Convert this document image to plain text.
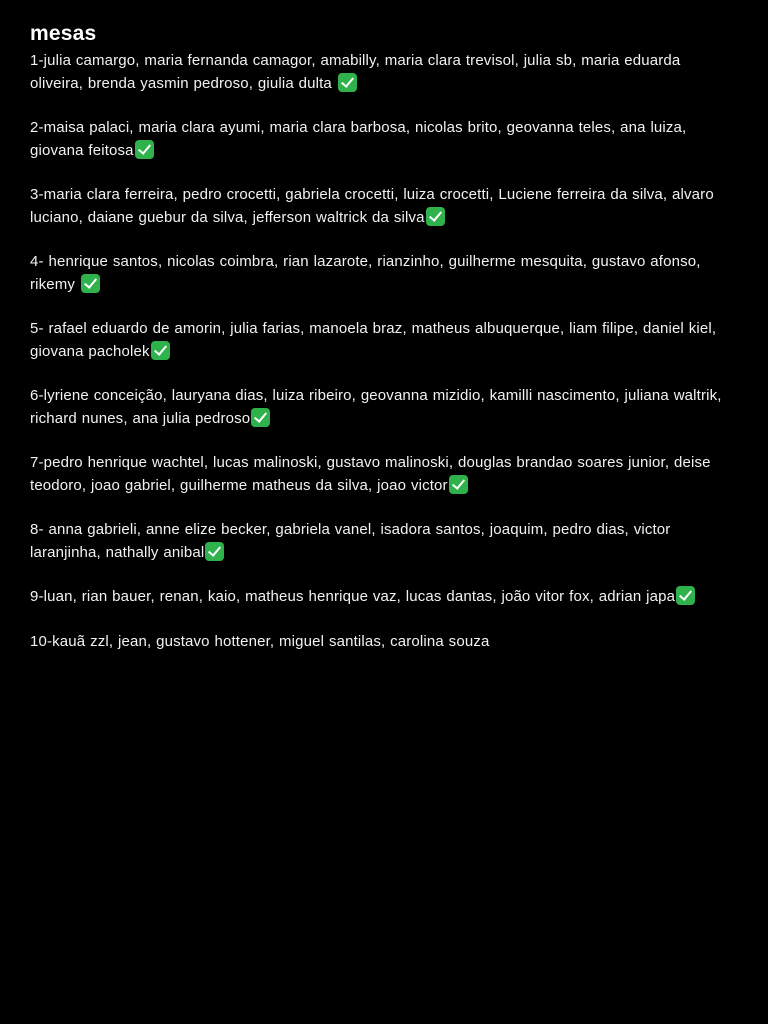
mesas
1-julia camargo, maria fernanda camagor, amabilly, maria clara trevisol, julia sb, maria eduarda oliveira, brenda yasmin pedroso, giulia dulta
2-maisa palaci, maria clara ayumi, maria clara barbosa, nicolas brito, geovanna teles, ana luiza, giovana feitosa
3-maria clara ferreira, pedro crocetti, gabriela crocetti, luiza crocetti, Luciene ferreira da silva, alvaro luciano, daiane guebur da silva, jefferson waltrick da silva
4- henrique santos, nicolas coimbra, rian lazarote, rianzinho, guilherme mesquita, gustavo afonso, rikemy
5- rafael eduardo de amorin, julia farias, manoela braz, matheus albuquerque, liam filipe, daniel kiel, giovana pacholek
6-lyriene conceição, lauryana dias, luiza ribeiro, geovanna mizidio, kamilli nascimento, juliana waltrik, richard nunes, ana julia pedroso
7-pedro henrique wachtel, lucas malinoski, gustavo malinoski, douglas brandao soares junior, deise teodoro, joao gabriel, guilherme matheus da silva, joao victor
8- anna gabrieli, anne elize becker, gabriela vanel, isadora santos, joaquim, pedro dias, victor laranjinha, nathally anibal
9-luan, rian bauer, renan, kaio, matheus henrique vaz, lucas dantas, joão vitor fox, adrian japa
10-kauã zzl, jean, gustavo hottener, miguel santilas, carolina souza
